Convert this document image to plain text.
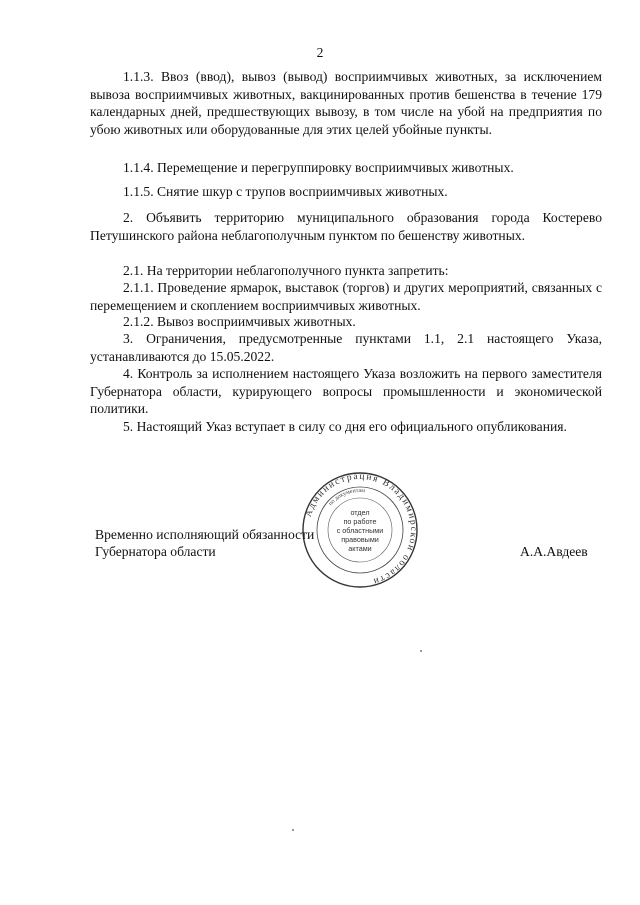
2

1.1.3. Ввоз (ввод), вывоз (вывод) восприимчивых животных, за исключением вывоза восприимчивых животных, вакцинированных против бешенства в течение 179 календарных дней, предшествующих вывозу, в том числе на убой на предприятия по убою животных или оборудованные для этих целей убойные пункты.

1.1.4. Перемещение и перегруппировку восприимчивых животных.

1.1.5. Снятие шкур с трупов восприимчивых животных.

2. Объявить территорию муниципального образования города Костерево Петушинского района неблагополучным пунктом по бешенству животных.

2.1. На территории неблагополучного пункта запретить:

2.1.1. Проведение ярмарок, выставок (торгов) и других мероприятий, связанных с перемещением и скоплением восприимчивых животных.

2.1.2. Вывоз восприимчивых животных.

3. Ограничения, предусмотренные пунктами 1.1, 2.1 настоящего Указа, устанавливаются до 15.05.2022.

4. Контроль за исполнением настоящего Указа возложить на первого заместителя Губернатора области, курирующего вопросы промышленности и экономической политики.

5. Настоящий Указ вступает в силу со дня его официального опубликования.

Администрация Владимирской области
по документам
отдел
по работе
с областными
правовыми
актами

Временно исполняющий обязанности

Губернатора области	А.А.Авдеев
